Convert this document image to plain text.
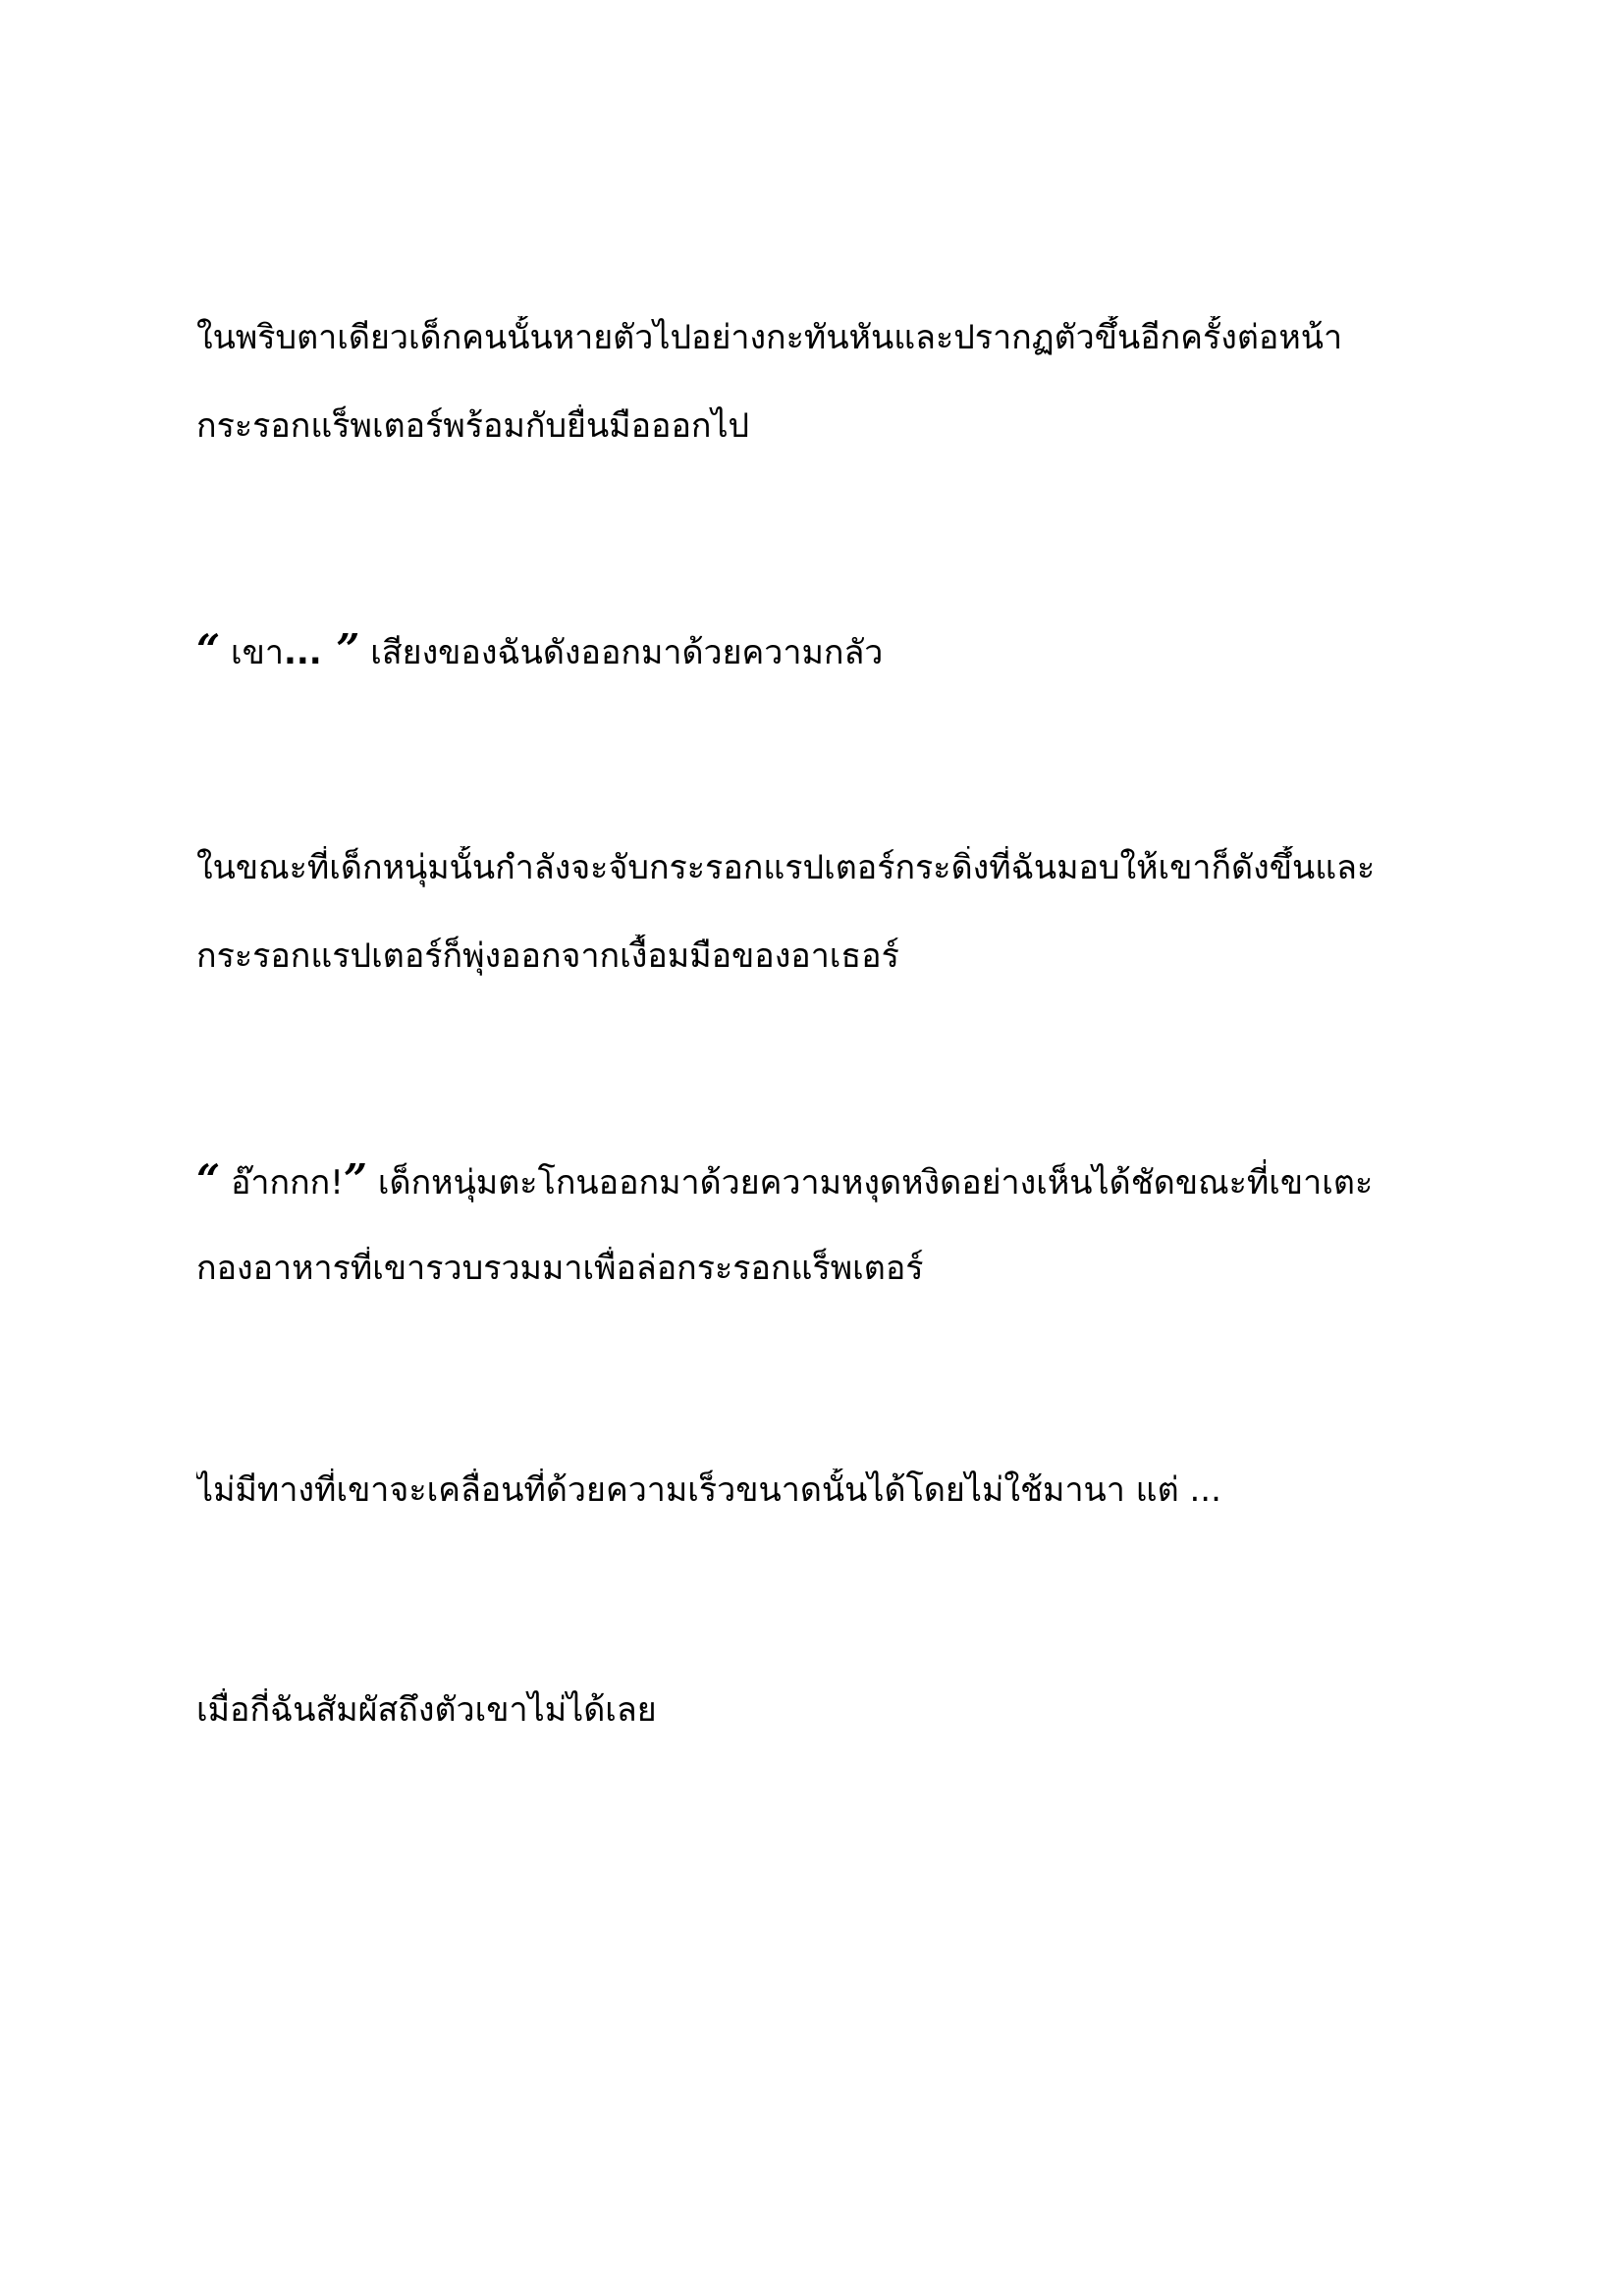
ในพริบตาเดียวเด็กคนนั้นหายตัวไปอย่างกะทันหันและปรากฏตัวขึ้นอีกครั้งต่อหน้า
กระรอกแร็พเตอร์พร้อมกับยื่นมือออกไป
“ เขา... ” เสียงของฉันดังออกมาด้วยความกลัว
ในขณะที่เด็กหนุ่มนั้นกำลังจะจับกระรอกแรปเตอร์กระดิ่งที่ฉันมอบให้เขาก็ดังขึ้นและ
กระรอกแรปเตอร์ก็พุ่งออกจากเงื้อมมือของอาเธอร์
“ อ๊ากกก!” เด็กหนุ่มตะโกนออกมาด้วยความหงุดหงิดอย่างเห็นได้ชัดขณะที่เขาเตะ
กองอาหารที่เขารวบรวมมาเพื่อล่อกระรอกแร็พเตอร์
ไม่มีทางที่เขาจะเคลื่อนที่ด้วยความเร็วขนาดนั้นได้โดยไม่ใช้มานา แต่ ...
เมื่อกี่ฉันสัมผัสถึงตัวเขาไม่ได้เลย
